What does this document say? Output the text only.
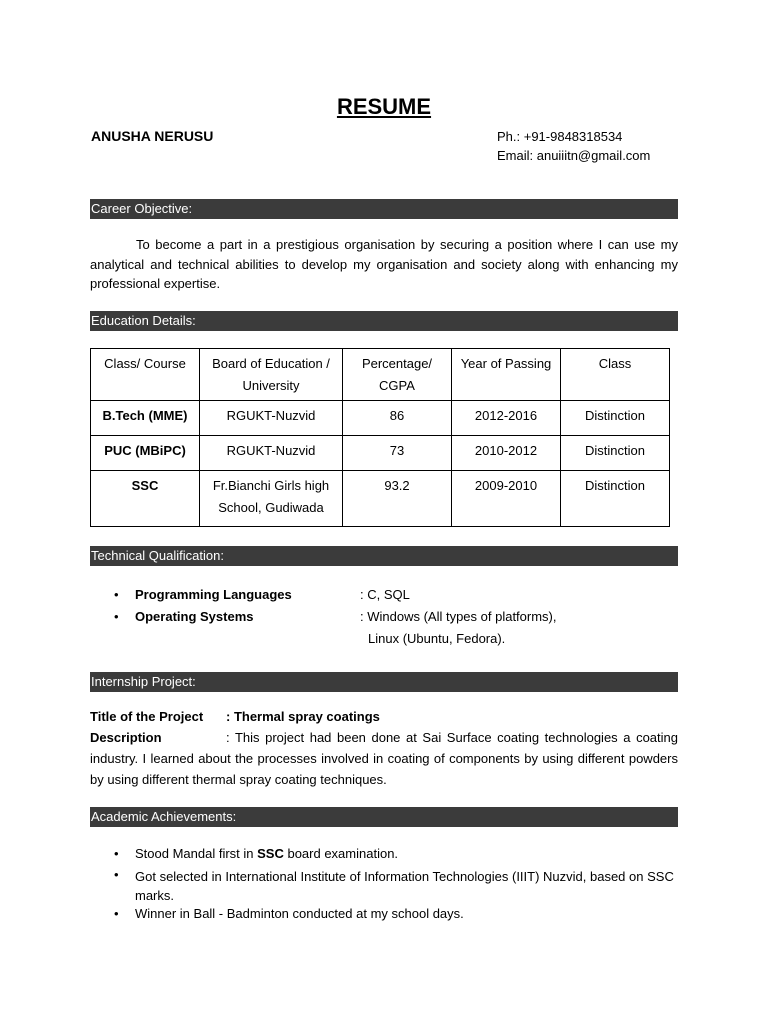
RESUME
ANUSHA NERUSU	Ph.: +91-9848318534
Email: anuiiitn@gmail.com
Career Objective:
To become a part in a prestigious organisation by securing a position where I can use my analytical and technical abilities to develop my organisation and society along with enhancing my professional expertise.
Education Details:
Class/ Course	Board of Education / University	Percentage/ CGPA	Year of Passing	Class
B.Tech (MME)	RGUKT-Nuzvid	86	2012-2016	Distinction
PUC (MBiPC)	RGUKT-Nuzvid	73	2010-2012	Distinction
SSC	Fr.Bianchi Girls high School, Gudiwada	93.2	2009-2010	Distinction
Technical Qualification:
• Programming Languages	: C, SQL
• Operating Systems	: Windows (All types of platforms),
Linux (Ubuntu, Fedora).
Internship Project:
Title of the Project : Thermal spray coatings
Description	: This project had been done at Sai Surface coating technologies a coating industry. I learned about the processes involved in coating of components by using different powders by using different thermal spray coating techniques.
Academic Achievements:
• Stood Mandal first in SSC board examination.
• Got selected in International Institute of Information Technologies (IIIT) Nuzvid, based on SSC marks.
• Winner in Ball - Badminton conducted at my school days.
